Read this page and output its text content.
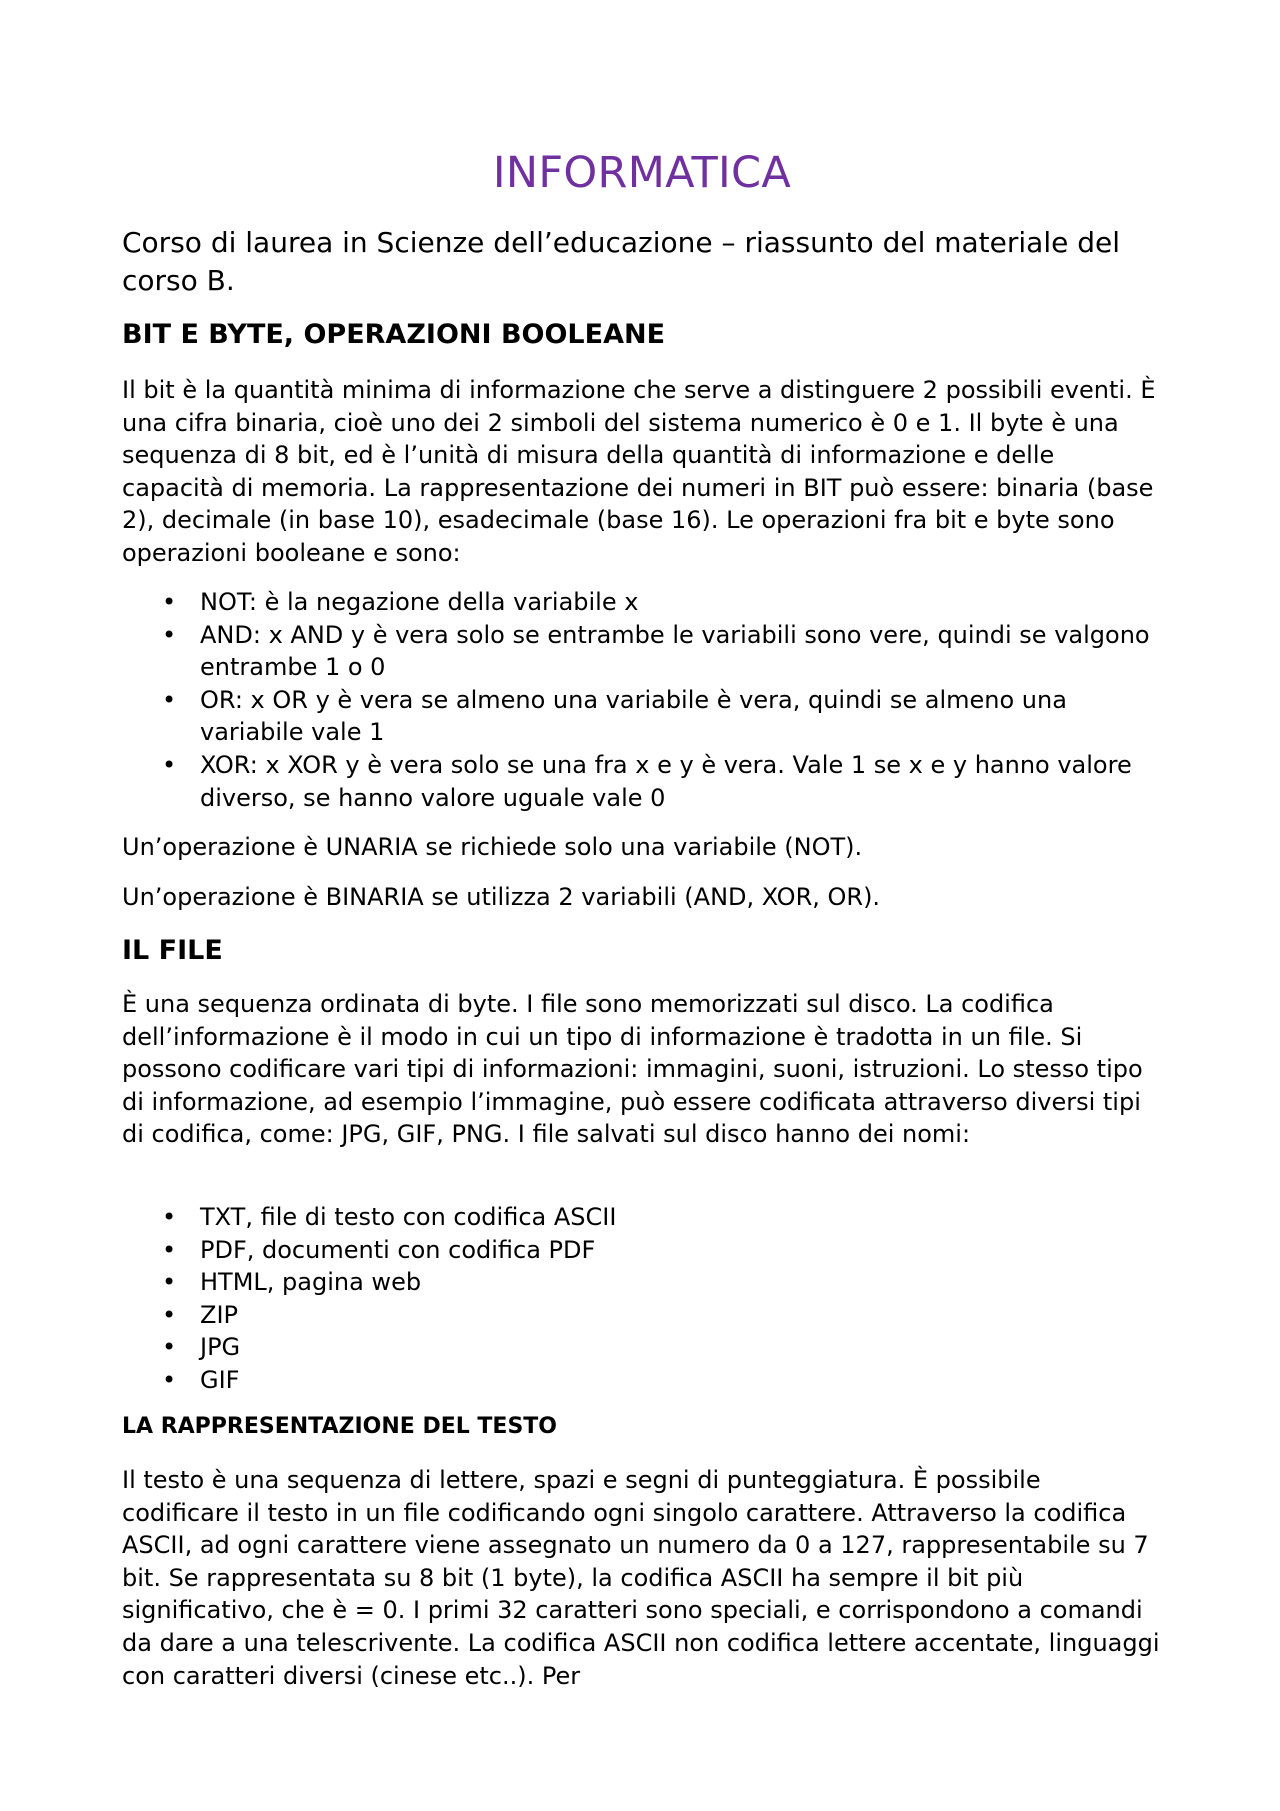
INFORMATICA

Corso di laurea in Scienze dell’educazione – riassunto del materiale del corso B.

BIT E BYTE, OPERAZIONI BOOLEANE

Il bit è la quantità minima di informazione che serve a distinguere 2 possibili eventi. È una cifra binaria, cioè uno dei 2 simboli del sistema numerico è 0 e 1. Il byte è una sequenza di 8 bit, ed è l’unità di misura della quantità di informazione e delle capacità di memoria. La rappresentazione dei numeri in BIT può essere: binaria (base 2), decimale (in base 10), esadecimale (base 16). Le operazioni fra bit e byte sono operazioni booleane e sono:

• NOT: è la negazione della variabile x
• AND: x AND y è vera solo se entrambe le variabili sono vere, quindi se valgono entrambe 1 o 0
• OR: x OR y è vera se almeno una variabile è vera, quindi se almeno una variabile vale 1
• XOR: x XOR y è vera solo se una fra x e y è vera. Vale 1 se x e y hanno valore diverso, se hanno valore uguale vale 0

Un’operazione è UNARIA se richiede solo una variabile (NOT).

Un’operazione è BINARIA se utilizza 2 variabili (AND, XOR, OR).

IL FILE

È una sequenza ordinata di byte. I file sono memorizzati sul disco. La codifica dell’informazione è il modo in cui un tipo di informazione è tradotta in un file. Si possono codificare vari tipi di informazioni: immagini, suoni, istruzioni. Lo stesso tipo di informazione, ad esempio l’immagine, può essere codificata attraverso diversi tipi di codifica, come: JPG, GIF, PNG. I file salvati sul disco hanno dei nomi:

• TXT, file di testo con codifica ASCII
• PDF, documenti con codifica PDF
• HTML, pagina web
• ZIP
• JPG
• GIF
LA RAPPRESENTAZIONE DEL TESTO

Il testo è una sequenza di lettere, spazi e segni di punteggiatura. È possibile codificare il testo in un file codificando ogni singolo carattere. Attraverso la codifica ASCII, ad ogni carattere viene assegnato un numero da 0 a 127, rappresentabile su 7 bit. Se rappresentata su 8 bit (1 byte), la codifica ASCII ha sempre il bit più significativo, che è = 0. I primi 32 caratteri sono speciali, e corrispondono a comandi da dare a una telescrivente. La codifica ASCII non codifica lettere accentate, linguaggi con caratteri diversi (cinese etc..). Per
